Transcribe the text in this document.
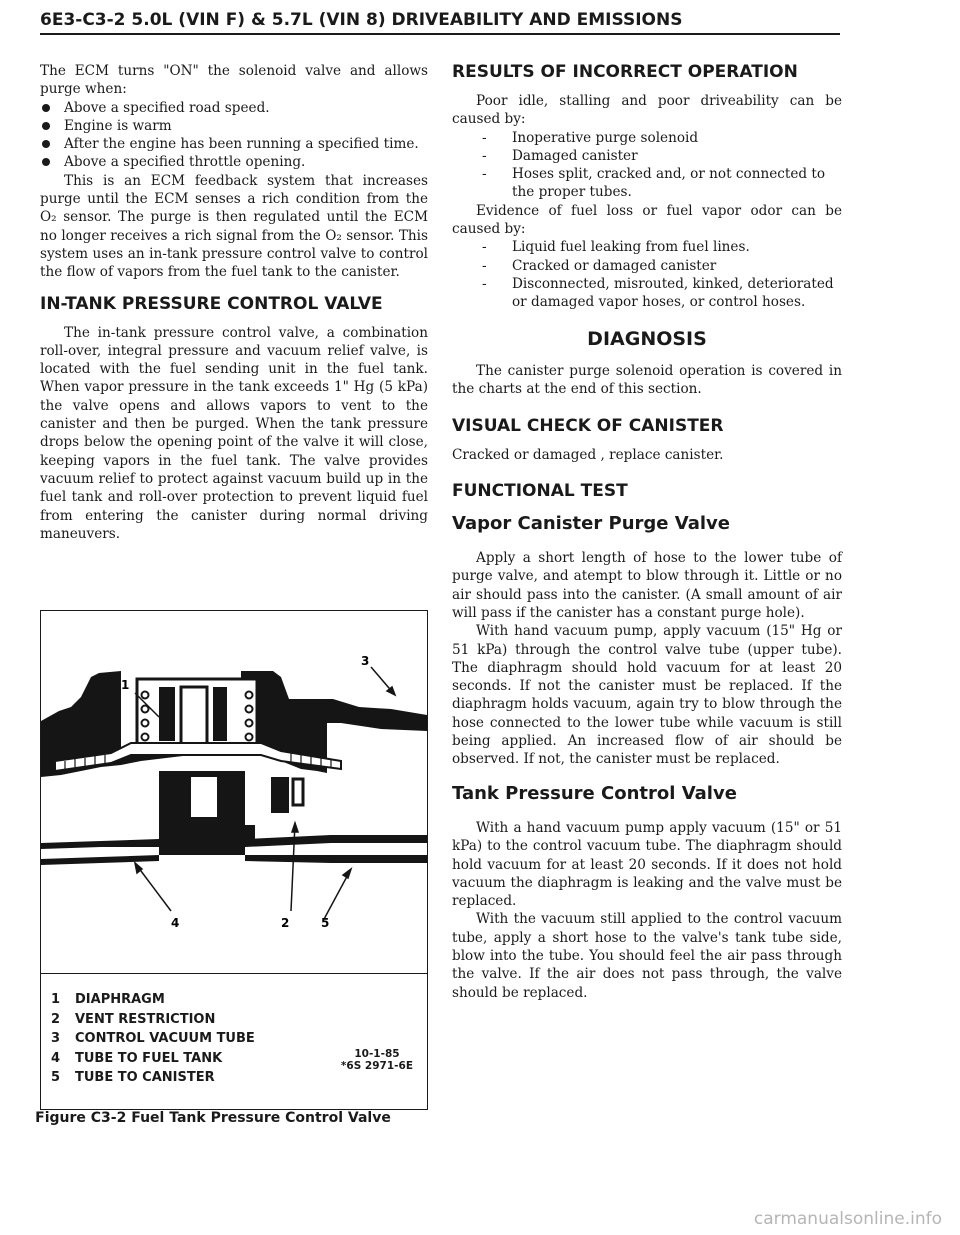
6E3-C3-2 5.0L (VIN F) & 5.7L (VIN 8) DRIVEABILITY AND EMISSIONS

The ECM turns "ON" the solenoid valve and allows purge when:

Above a specified road speed.
Engine is warm
After the engine has been running a specified time.
Above a specified throttle opening.

This is an ECM feedback system that increases purge until the ECM senses a rich condition from the O₂ sensor. The purge is then regulated until the ECM no longer receives a rich signal from the O₂ sensor. This system uses an in-tank pressure control valve to control the flow of vapors from the fuel tank to the canister.

IN-TANK PRESSURE CONTROL VALVE

The in-tank pressure control valve, a combination roll-over, integral pressure and vacuum relief valve, is located with the fuel sending unit in the fuel tank. When vapor pressure in the tank exceeds 1" Hg (5 kPa) the valve opens and allows vapors to vent to the canister and then be purged. When the tank pressure drops below the opening point of the valve it will close, keeping vapors in the fuel tank. The valve provides vacuum relief to protect against vacuum build up in the fuel tank and roll-over protection to prevent liquid fuel from entering the canister during normal driving maneuvers.

1
3
4	2	5
1	DIAPHRAGM
2	VENT RESTRICTION
3	CONTROL VACUUM TUBE
4	TUBE TO FUEL TANK
5	TUBE TO CANISTER
10-1-85
*6S 2971-6E
Figure C3-2 Fuel Tank Pressure Control Valve
RESULTS OF INCORRECT OPERATION

Poor idle, stalling and poor driveability can be caused by:

- Inoperative purge solenoid
- Damaged canister
- Hoses split, cracked and, or not connected to the proper tubes.

Evidence of fuel loss or fuel vapor odor can be caused by:

- Liquid fuel leaking from fuel lines.
- Cracked or damaged canister
- Disconnected, misrouted, kinked, deteriorated or damaged vapor hoses, or control hoses.
DIAGNOSIS

The canister purge solenoid operation is covered in the charts at the end of this section.

VISUAL CHECK OF CANISTER

Cracked or damaged , replace canister.

FUNCTIONAL TEST
Vapor Canister Purge Valve

Apply a short length of hose to the lower tube of purge valve, and atempt to blow through it. Little or no air should pass into the canister. (A small amount of air will pass if the canister has a constant purge hole).

With hand vacuum pump, apply vacuum (15" Hg or 51 kPa) through the control valve tube (upper tube). The diaphragm should hold vacuum for at least 20 seconds. If not the canister must be replaced. If the diaphragm holds vacuum, again try to blow through the hose connected to the lower tube while vacuum is still being applied. An increased flow of air should be observed. If not, the canister must be replaced.

Tank Pressure Control Valve

With a hand vacuum pump apply vacuum (15" or 51 kPa) to the control vacuum tube. The diaphragm should hold vacuum for at least 20 seconds. If it does not hold vacuum the diaphragm is leaking and the valve must be replaced.

With the vacuum still applied to the control vacuum tube, apply a short hose to the valve's tank tube side, blow into the tube. You should feel the air pass through the valve. If the air does not pass through, the valve should be replaced.

carmanualsonline.info
